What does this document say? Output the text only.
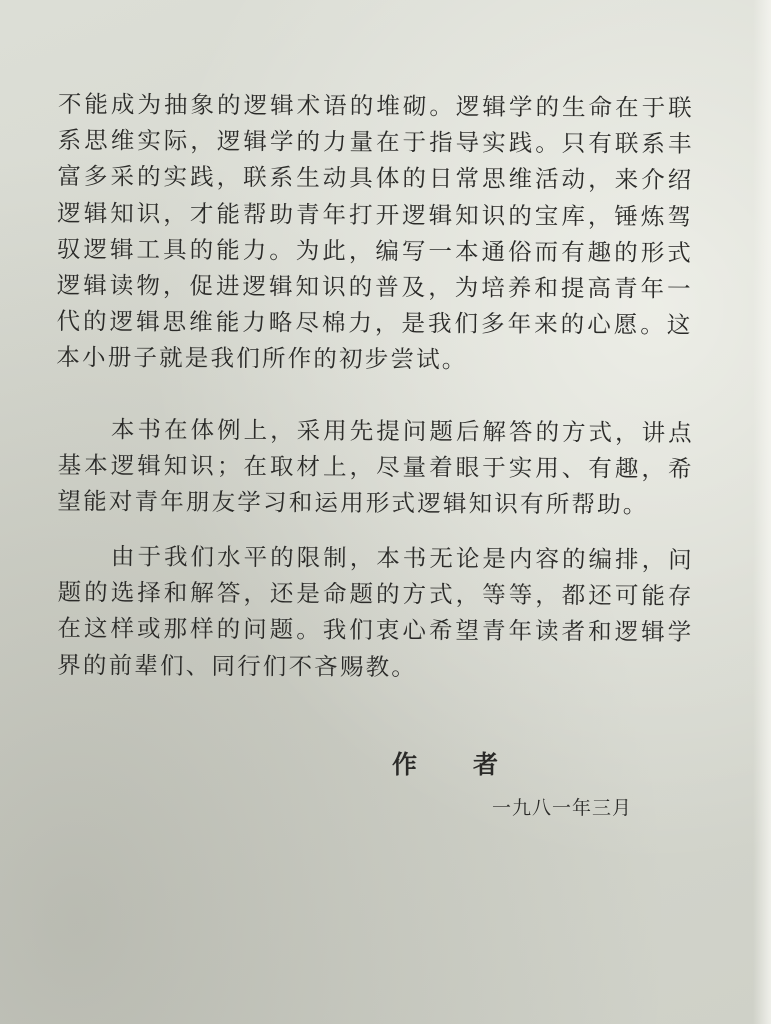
不能成为抽象的逻辑术语的堆砌。逻辑学的生命在于联系思维实际，逻辑学的力量在于指导实践。只有联系丰富多采的实践，联系生动具体的日常思维活动，来介绍逻辑知识，才能帮助青年打开逻辑知识的宝库，锤炼驾驭逻辑工具的能力。为此，编写一本通俗而有趣的形式逻辑读物，促进逻辑知识的普及，为培养和提高青年一代的逻辑思维能力略尽棉力，是我们多年来的心愿。这本小册子就是我们所作的初步尝试。

　　本书在体例上，采用先提问题后解答的方式，讲点基本逻辑知识；在取材上，尽量着眼于实用、有趣，希望能对青年朋友学习和运用形式逻辑知识有所帮助。

　　由于我们水平的限制，本书无论是内容的编排，问题的选择和解答，还是命题的方式，等等，都还可能存在这样或那样的问题。我们衷心希望青年读者和逻辑学界的前辈们、同行们不吝赐教。

作　　者

一九八一年三月
